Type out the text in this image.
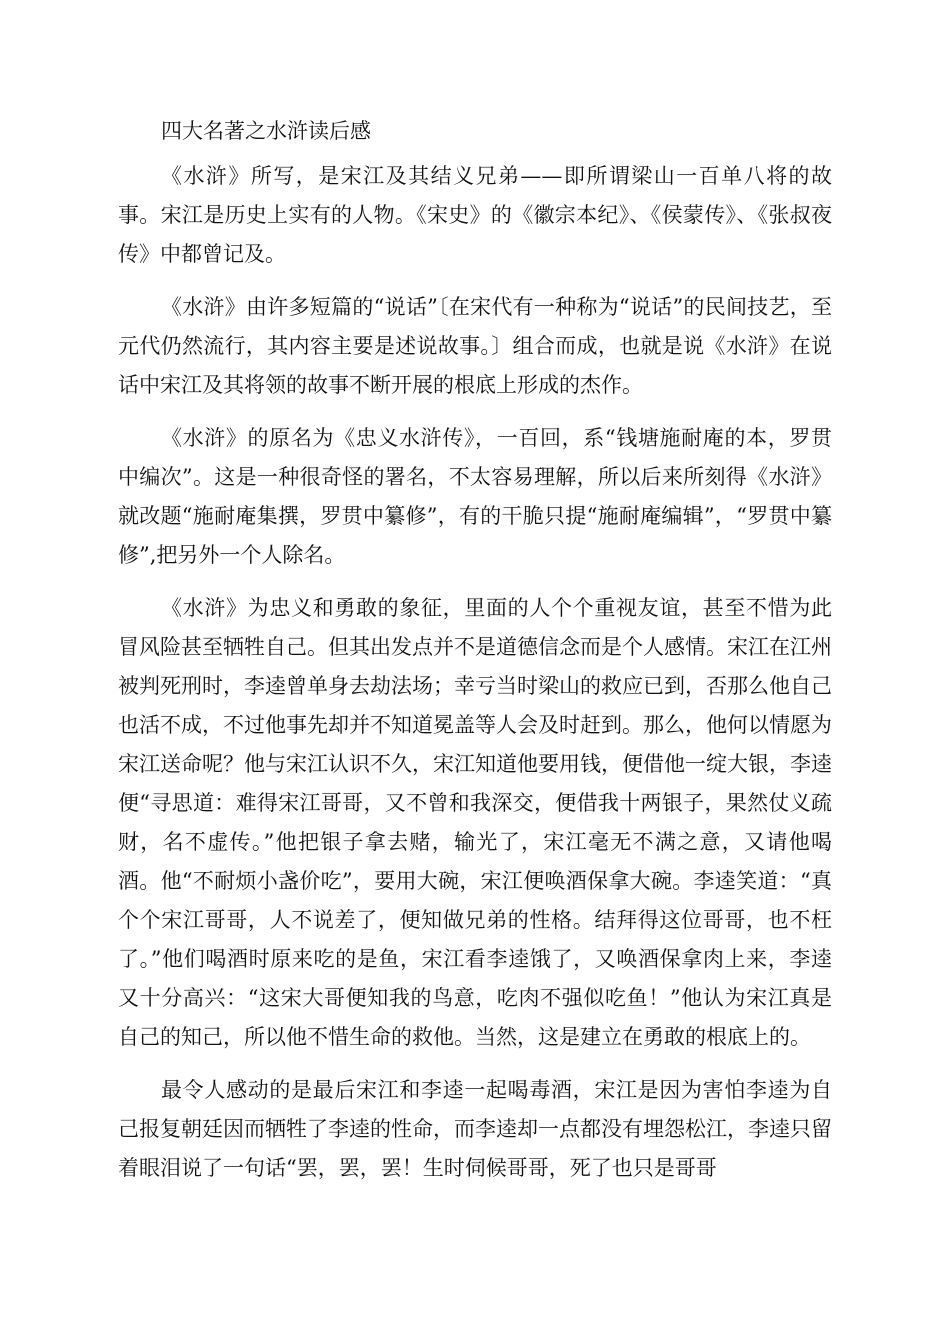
四大名著之水浒读后感

《水浒》所写，是宋江及其结义兄弟——即所谓梁山一百单八将的故事。宋江是历史上实有的人物。《宋史》的《徽宗本纪》、《侯蒙传》、《张叔夜传》中都曾记及。

《水浒》由许多短篇的“说话”〔在宋代有一种称为“说话”的民间技艺，至元代仍然流行，其内容主要是述说故事。〕组合而成，也就是说《水浒》在说话中宋江及其将领的故事不断开展的根底上形成的杰作。

《水浒》的原名为《忠义水浒传》，一百回，系“钱塘施耐庵的本，罗贯中编次”。这是一种很奇怪的署名，不太容易理解，所以后来所刻得《水浒》就改题“施耐庵集撰，罗贯中纂修”，有的干脆只提“施耐庵编辑”，“罗贯中纂修”,把另外一个人除名。

《水浒》为忠义和勇敢的象征，里面的人个个重视友谊，甚至不惜为此冒风险甚至牺牲自己。但其出发点并不是道德信念而是个人感情。宋江在江州被判死刑时，李逵曾单身去劫法场；幸亏当时梁山的救应已到，否那么他自己也活不成，不过他事先却并不知道冕盖等人会及时赶到。那么，他何以情愿为宋江送命呢？他与宋江认识不久，宋江知道他要用钱，便借他一绽大银，李逵便“寻思道：难得宋江哥哥，又不曾和我深交，便借我十两银子，果然仗义疏财，名不虚传。”他把银子拿去赌，输光了，宋江毫无不满之意，又请他喝酒。他“不耐烦小盏价吃”，要用大碗，宋江便唤酒保拿大碗。李逵笑道：“真个个宋江哥哥，人不说差了，便知做兄弟的性格。结拜得这位哥哥，也不枉了。”他们喝酒时原来吃的是鱼，宋江看李逵饿了，又唤酒保拿肉上来，李逵又十分高兴：“这宋大哥便知我的鸟意，吃肉不强似吃鱼！”他认为宋江真是自己的知己，所以他不惜生命的救他。当然，这是建立在勇敢的根底上的。

最令人感动的是最后宋江和李逵一起喝毒酒，宋江是因为害怕李逵为自己报复朝廷因而牺牲了李逵的性命，而李逵却一点都没有埋怨松江，李逵只留着眼泪说了一句话“罢，罢，罢！生时伺候哥哥，死了也只是哥哥
